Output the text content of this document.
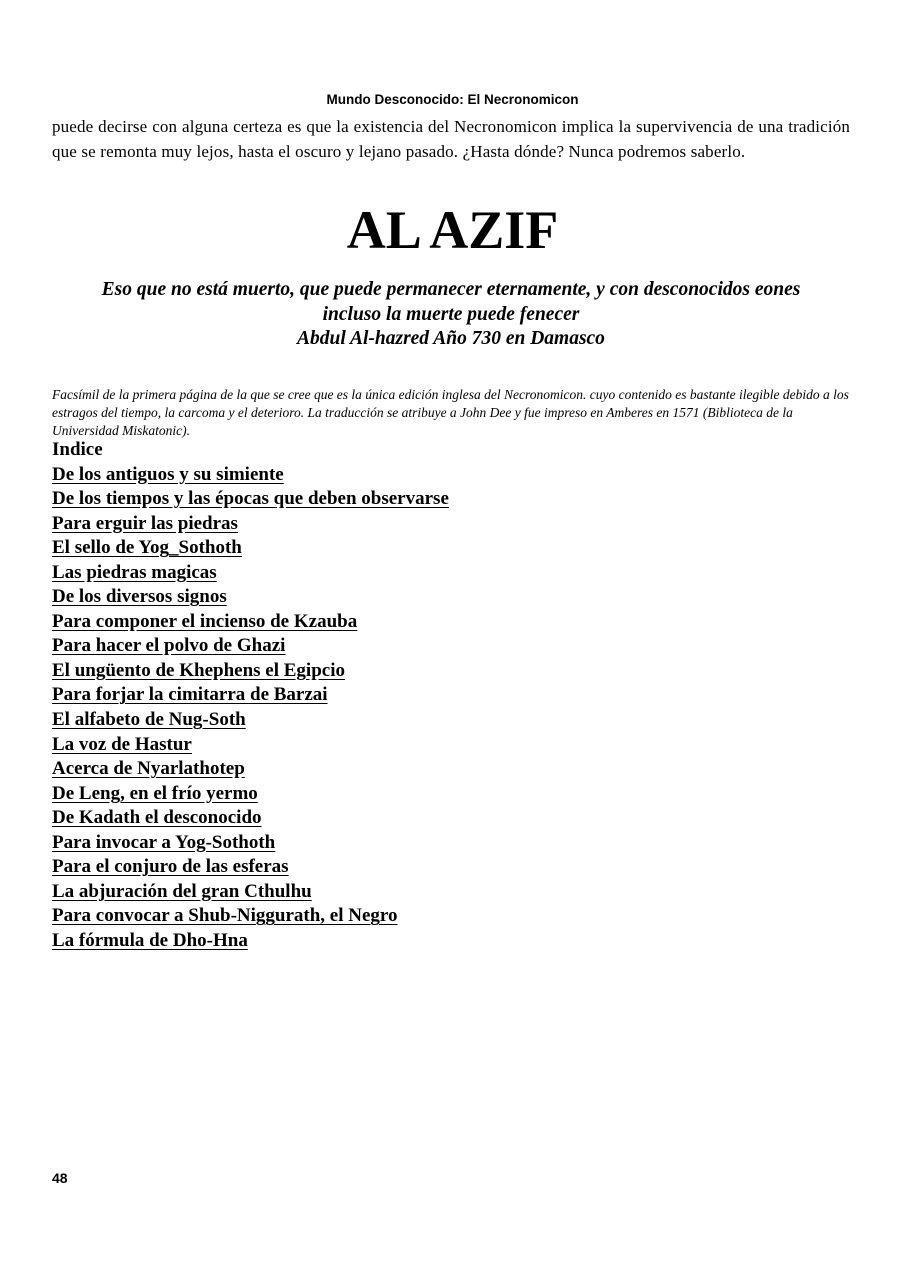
Mundo Desconocido: El Necronomicon
puede decirse con alguna certeza es que la existencia del Necronomicon implica la supervivencia de una tradición que se remonta muy lejos, hasta el oscuro y lejano pasado. ¿Hasta dónde? Nunca podremos saberlo.
AL AZIF
Eso que no está muerto, que puede permanecer eternamente, y con desconocidos eones
incluso la muerte puede fenecer
Abdul Al-hazred Año 730 en Damasco
Facsímil de la primera página de la que se cree que es la única edición inglesa del Necronomicon. cuyo contenido es bastante ilegible debido a los estragos del tiempo, la carcoma y el deterioro. La traducción se atribuye a John Dee y fue impreso en Amberes en 1571 (Biblioteca de la Universidad Miskatonic).
Indice
De los antiguos y su simiente
De los tiempos y las épocas que deben observarse
Para erguir las piedras
El sello de Yog_Sothoth
Las piedras magicas
De los diversos signos
Para componer el incienso de Kzauba
Para hacer el polvo de Ghazi
El ungüento de Khephens el Egipcio
Para forjar la cimitarra de Barzai
El alfabeto de Nug-Soth
La voz de Hastur
Acerca de Nyarlathotep
De Leng, en el frío yermo
De Kadath el desconocido
Para invocar a Yog-Sothoth
Para el conjuro de las esferas
La abjuración del gran Cthulhu
Para convocar a Shub-Niggurath, el Negro
La fórmula de Dho-Hna
48
